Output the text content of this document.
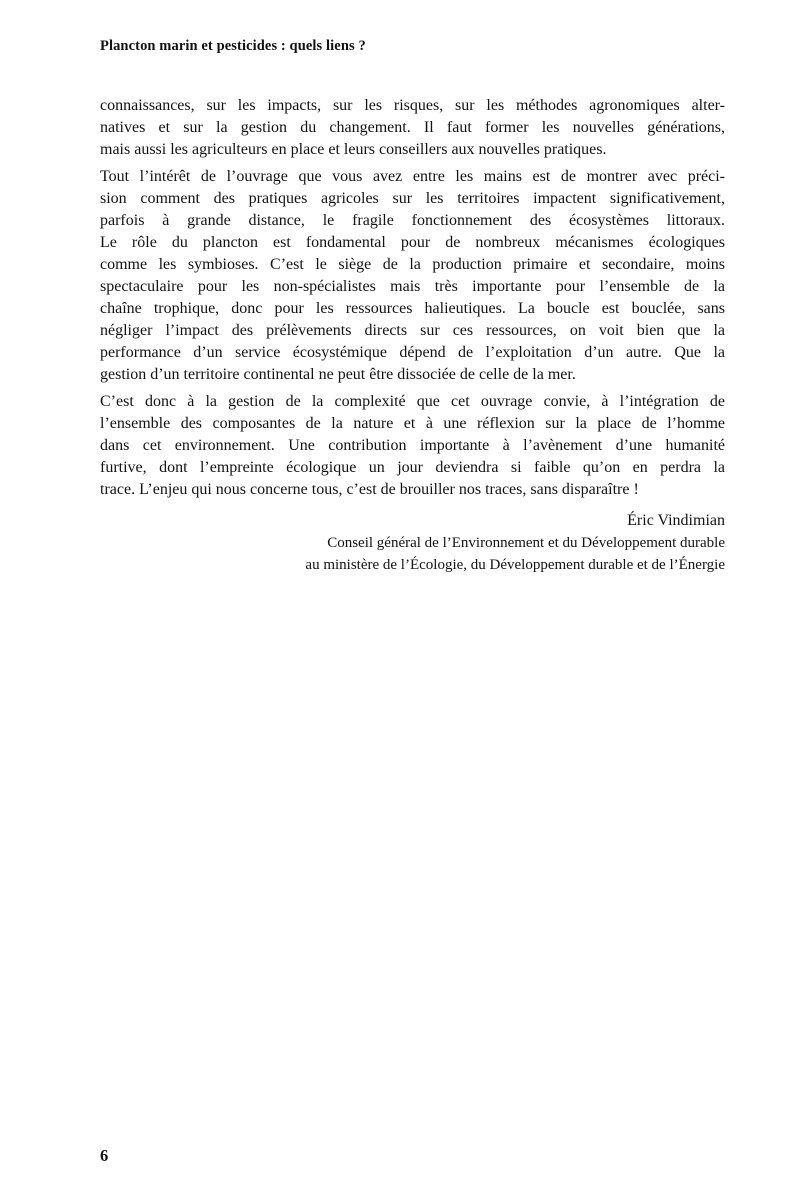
Plancton marin et pesticides : quels liens ?
connaissances, sur les impacts, sur les risques, sur les méthodes agronomiques alter-
natives et sur la gestion du changement. Il faut former les nouvelles générations,
mais aussi les agriculteurs en place et leurs conseillers aux nouvelles pratiques.
Tout l’intérêt de l’ouvrage que vous avez entre les mains est de montrer avec préci-
sion comment des pratiques agricoles sur les territoires impactent significativement,
parfois à grande distance, le fragile fonctionnement des écosystèmes littoraux.
Le rôle du plancton est fondamental pour de nombreux mécanismes écologiques
comme les symbioses. C’est le siège de la production primaire et secondaire, moins
spectaculaire pour les non-spécialistes mais très importante pour l’ensemble de la
chaîne trophique, donc pour les ressources halieutiques. La boucle est bouclée, sans
négliger l’impact des prélèvements directs sur ces ressources, on voit bien que la
performance d’un service écosystémique dépend de l’exploitation d’un autre. Que la
gestion d’un territoire continental ne peut être dissociée de celle de la mer.
C’est donc à la gestion de la complexité que cet ouvrage convie, à l’intégration de
l’ensemble des composantes de la nature et à une réflexion sur la place de l’homme
dans cet environnement. Une contribution importante à l’avènement d’une humanité
furtive, dont l’empreinte écologique un jour deviendra si faible qu’on en perdra la
trace. L’enjeu qui nous concerne tous, c’est de brouiller nos traces, sans disparaître !
Éric Vindimian
Conseil général de l’Environnement et du Développement durable
au ministère de l’Écologie, du Développement durable et de l’Énergie
6
